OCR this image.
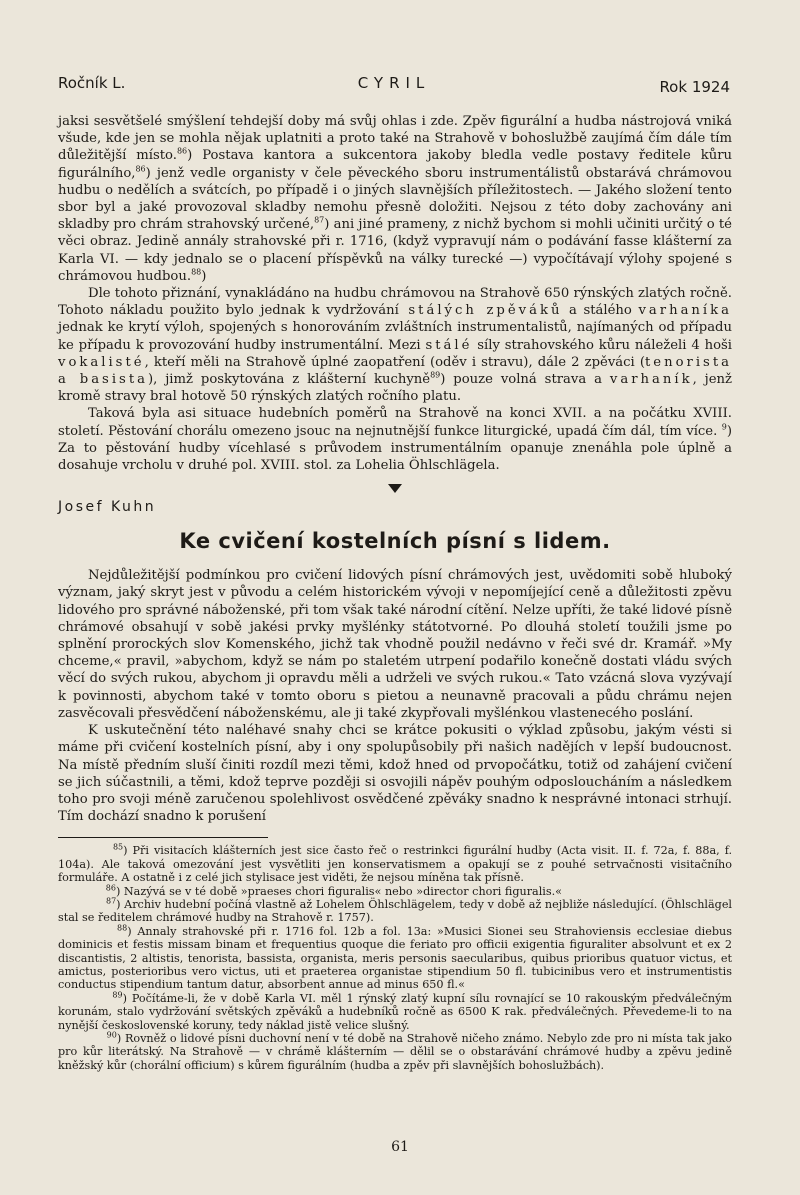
Ročník L.	CYRIL	Rok 1924

jaksi sesvětšelé smýšlení tehdejší doby má svůj ohlas i zde. Zpěv figurální a hudba nástrojová vniká všude, kde jen se mohla nějak uplatniti a proto také na Strahově v bohoslužbě zaujímá čím dále tím důležitější místo.$^{86}$) Postava kantora a sukcentora jakoby bledla vedle postavy ředitele kůru figurálního,$^{86}$) jenž vedle organisty v čele pěveckého sboru instrumentálistů obstarává chrámovou hudbu o nedělích a svátcích, po případě i o jiných slavnějších příležitostech. — Jakého složení tento sbor byl a jaké provozoval skladby nemohu přesně doložiti. Nejsou z této doby zachovány ani skladby pro chrám strahovský určené,$^{87}$) ani jiné prameny, z nichž bychom si mohli učiniti určitý o té věci obraz. Jedině annály strahovské při r. 1716, (když vypravují nám o podávání fasse klášterní za Karla VI. — kdy jednalo se o placení příspěvků na války turecké —) vypočítávají výlohy spojené s chrámovou hudbou.$^{88}$)

Dle tohoto přiznání, vynakládáno na hudbu chrámovou na Strahově 650 rýnských zlatých ročně. Tohoto nákladu použito bylo jednak k vydržování stálých zpěváků a stálého varhaníka jednak ke krytí výloh, spojených s honorováním zvláštních instrumentalistů, najímaných od případu ke případu k provozování hudby instrumentální. Mezi stálé síly strahovského kůru náleželi 4 hoši vokalisté, kteří měli na Strahově úplné zaopatření (oděv i stravu), dále 2 zpěváci (tenorista a basista), jimž poskytována z klášterní kuchyně$^{89}$) pouze volná strava a varhaník, jenž kromě stravy bral hotově 50 rýnských zlatých ročního platu.

Taková byla asi situace hudebních poměrů na Strahově na konci XVII. a na počátku XVIII. století. Pěstování chorálu omezeno jsouc na nejnutnější funkce liturgické, upadá čím dál, tím více. $^9$) Za to pěstování hudby vícehlasé s průvodem instrumentálním opanuje znenáhla pole úplně a dosahuje vrcholu v druhé pol. XVIII. stol. za Lohelia Öhlschlägela.

Josef Kuhn
Ke cvičení kostelních písní s lidem.

Nejdůležitější podmínkou pro cvičení lidových písní chrámových jest, uvědomiti sobě hluboký význam, jaký skryt jest v původu a celém historickém vývoji v nepomíjející ceně a důležitosti zpěvu lidového pro správné náboženské, při tom však také národní cítění. Nelze upříti, že také lidové písně chrámové obsahují v sobě jakési prvky myšlénky státotvorné. Po dlouhá století toužili jsme po splnění prorockých slov Komenského, jichž tak vhodně použil nedávno v řeči své dr. Kramář. »My chceme,« pravil, »abychom, když se nám po staletém utrpení podařilo konečně dostati vládu svých věcí do svých rukou, abychom ji opravdu měli a udrželi ve svých rukou.« Tato vzácná slova vyzývají k povinnosti, abychom také v tomto oboru s pietou a neunavně pracovali a půdu chrámu nejen zasvěcovali přesvědčení náboženskému, ale ji také zkypřovali myšlénkou vlastenecého poslání.

K uskutečnění této naléhavé snahy chci se krátce pokusiti o výklad způsobu, jakým vésti si máme při cvičení kostelních písní, aby i ony spolupůsobily při našich nadějích v lepší budoucnost. Na místě předním sluší činiti rozdíl mezi těmi, kdož hned od prvopočátku, totiž od zahájení cvičení se jich súčastnili, a těmi, kdož teprve později si osvojili nápěv pouhým odposloucháním a následkem toho pro svoji méně zaručenou spolehlivost osvědčené zpěváky snadno k nesprávné intonaci strhují. Tím dochází snadno k porušení

$^{85}$) Při visitacích klášterních jest sice často řeč o restrinkci figurální hudby (Acta visit. II. f. 72a, f. 88a, f. 104a). Ale taková omezování jest vysvětliti jen konservatismem a opakují se z pouhé setrvačnosti visitačního formuláře. A ostatně i z celé jich stylisace jest viděti, že nejsou míněna tak přísně.

$^{86}$) Nazývá se v té době »praeses chori figuralis« nebo »director chori figuralis.«

$^{87}$) Archiv hudební počíná vlastně až Lohelem Öhlschlägelem, tedy v době až nejbliže následující. (Öhlschlägel stal se ředitelem chrámové hudby na Strahově r. 1757).

$^{88}$) Annaly strahovské při r. 1716 fol. 12b a fol. 13a: »Musici Sionei seu Strahoviensis ecclesiae diebus dominicis et festis missam binam et frequentius quoque die feriato pro officii exigentia figuraliter absolvunt et ex 2 discantistis, 2 altistis, tenorista, bassista, organista, meris personis saecularibus, quibus prioribus quatuor victus, et amictus, posterioribus vero victus, uti et praeterea organistae stipendium 50 fl. tubicinibus vero et instrumentistis conductus stipendium tantum datur, absorbent annue ad minus 650 fl.«

$^{89}$) Počítáme-li, že v době Karla VI. měl 1 rýnský zlatý kupní sílu rovnající se 10 rakouským předválečným korunám, stalo vydržování světských zpěváků a hudebníků ročně as 6500 K rak. předválečných. Převedeme-li to na nynější československé koruny, tedy náklad jistě velice slušný.

$^{90}$) Rovněž o lidové písni duchovní není v té době na Strahově ničeho známo. Nebylo zde pro ni místa tak jako pro kůr literátský. Na Strahově — v chrámě klášterním — dělil se o obstarávání chrámové hudby a zpěvu jedině kněžský kůr (chorální officium) s kůrem figurálním (hudba a zpěv při slavnějších bohoslužbách).

61
